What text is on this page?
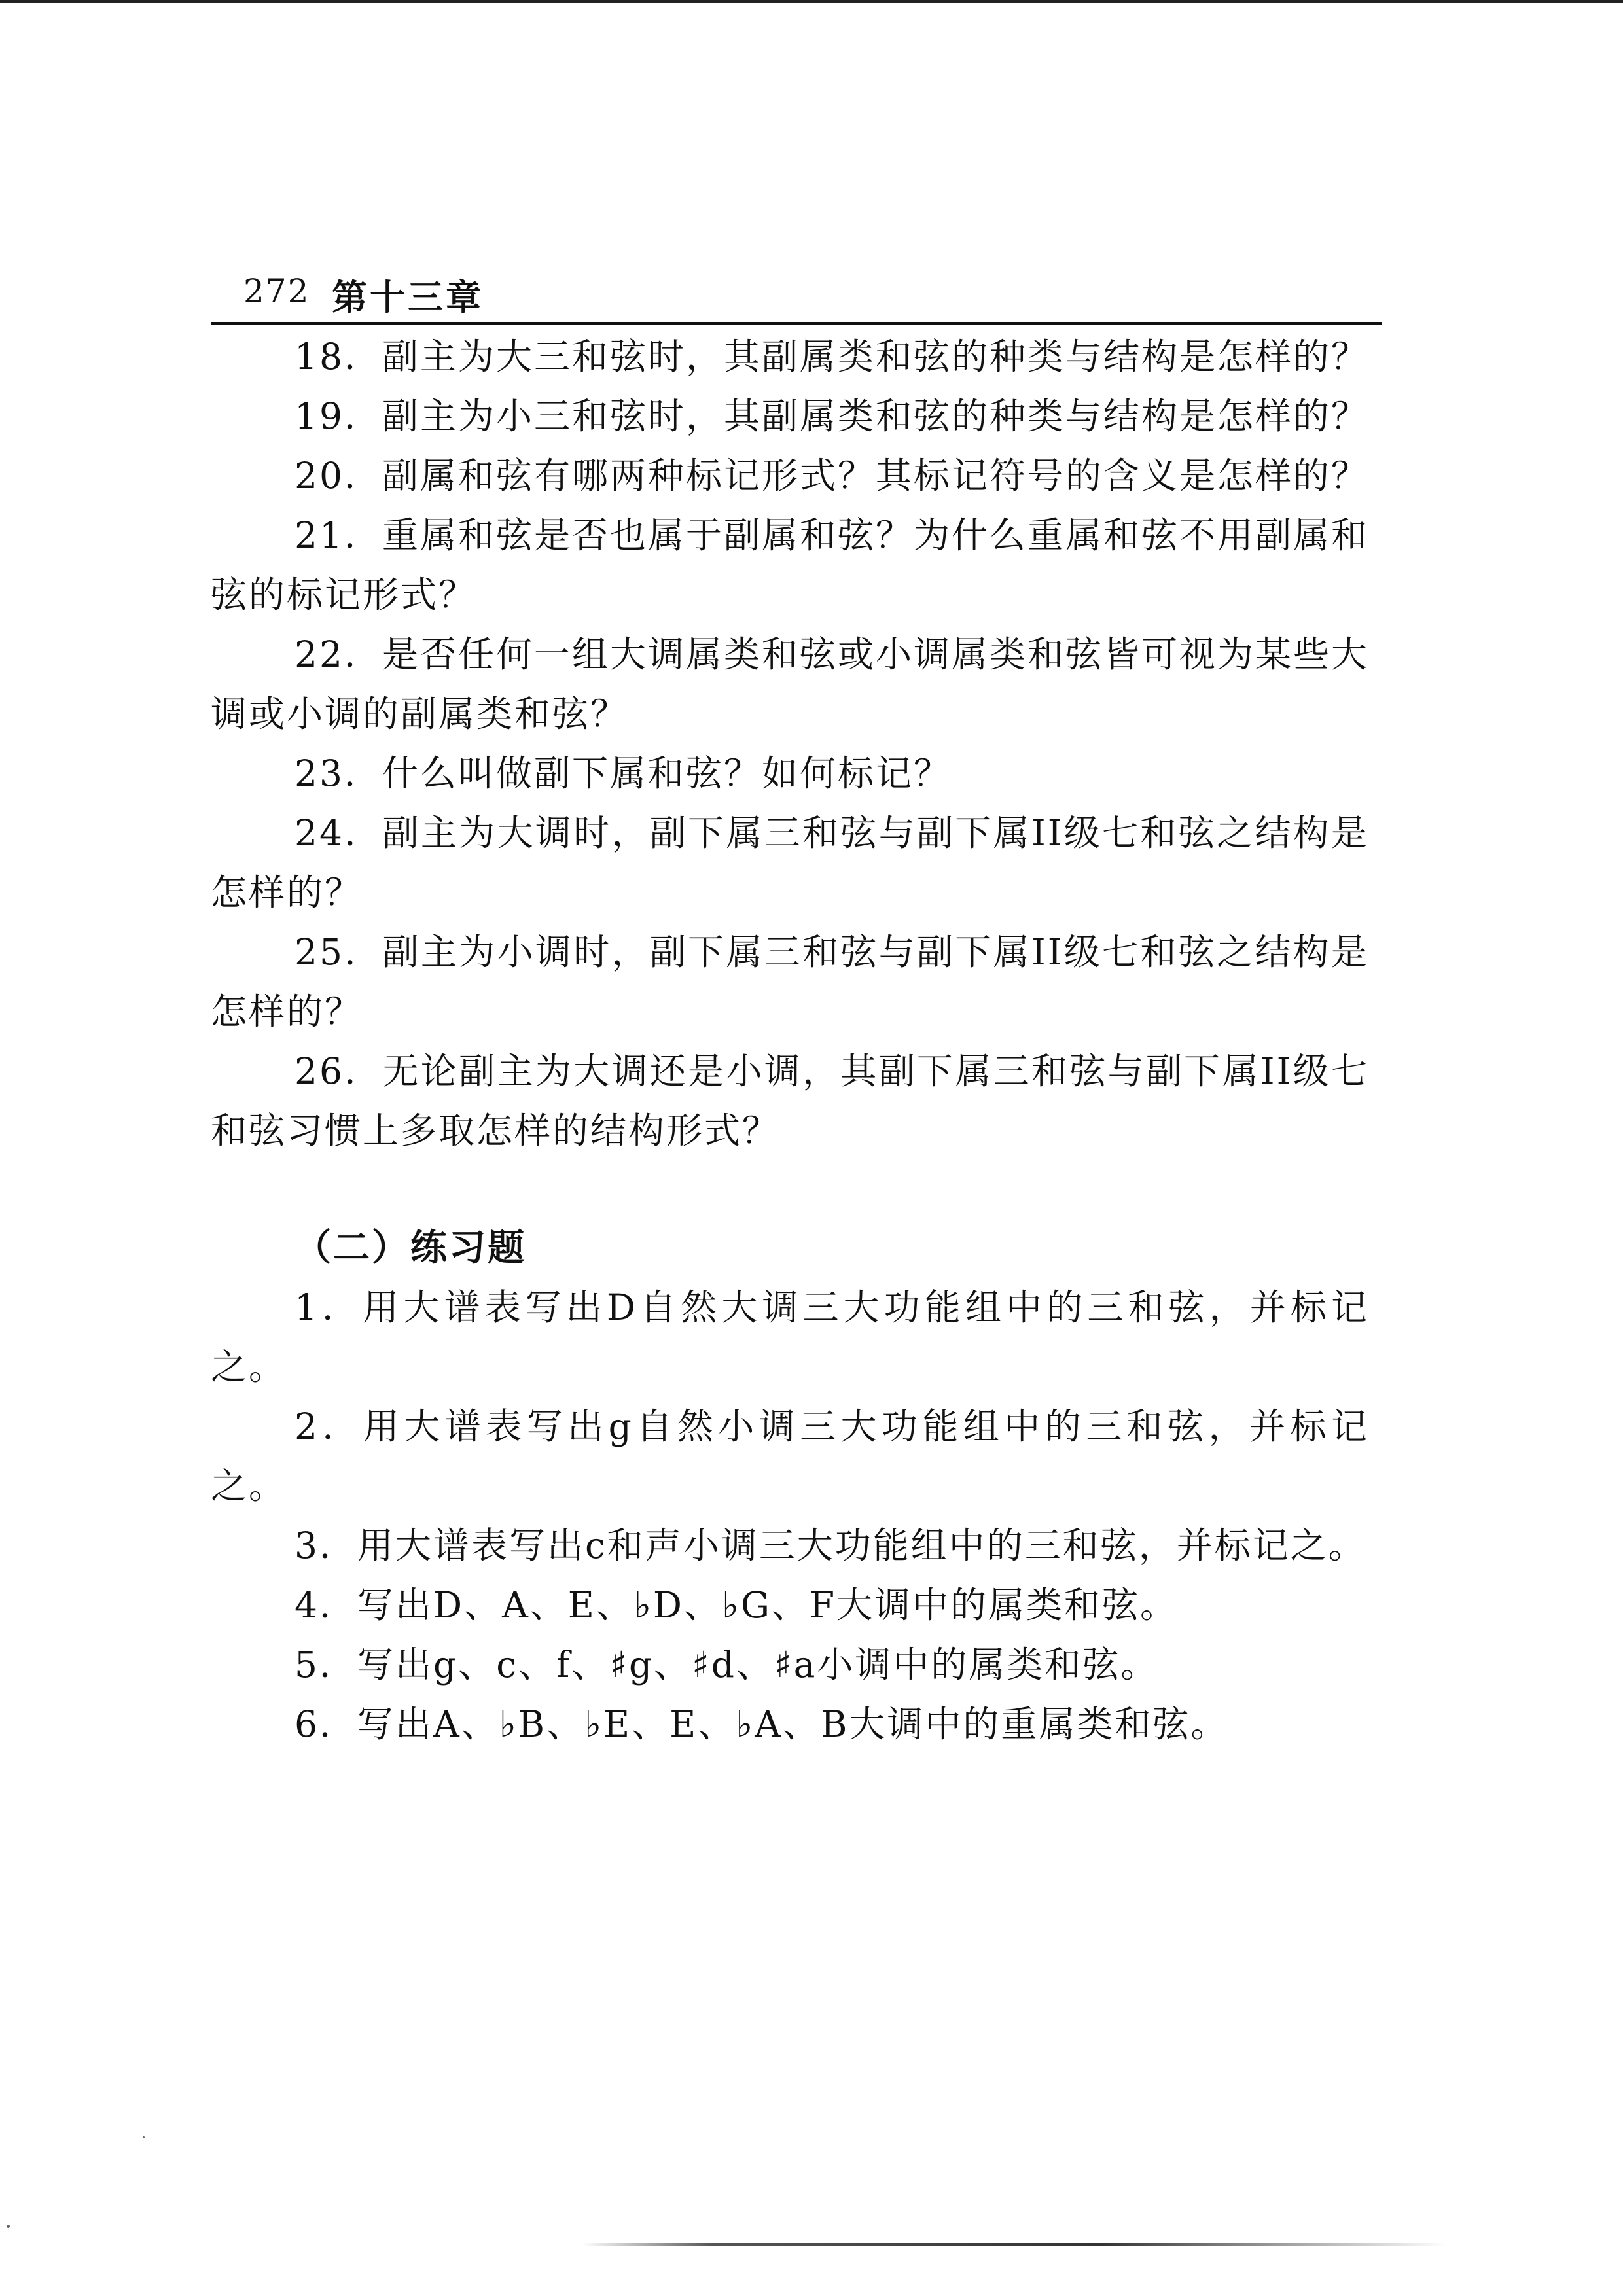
272 第十三章

18．副主为大三和弦时，其副属类和弦的种类与结构是怎样的？

19．副主为小三和弦时，其副属类和弦的种类与结构是怎样的？

20．副属和弦有哪两种标记形式？其标记符号的含义是怎样的？

21．重属和弦是否也属于副属和弦？为什么重属和弦不用副属和弦的标记形式？

22．是否任何一组大调属类和弦或小调属类和弦皆可视为某些大调或小调的副属类和弦？

23．什么叫做副下属和弦？如何标记？

24．副主为大调时，副下属三和弦与副下属II级七和弦之结构是怎样的？

25．副主为小调时，副下属三和弦与副下属II级七和弦之结构是怎样的？

26．无论副主为大调还是小调，其副下属三和弦与副下属II级七和弦习惯上多取怎样的结构形式？

（二）练习题

1．用大谱表写出D自然大调三大功能组中的三和弦，并标记之。

2．用大谱表写出g自然小调三大功能组中的三和弦，并标记之。

3．用大谱表写出c和声小调三大功能组中的三和弦，并标记之。

4．写出D、A、E、♭D、♭G、F大调中的属类和弦。

5．写出g、c、f、♯g、♯d、♯a小调中的属类和弦。

6．写出A、♭B、♭E、E、♭A、B大调中的重属类和弦。
